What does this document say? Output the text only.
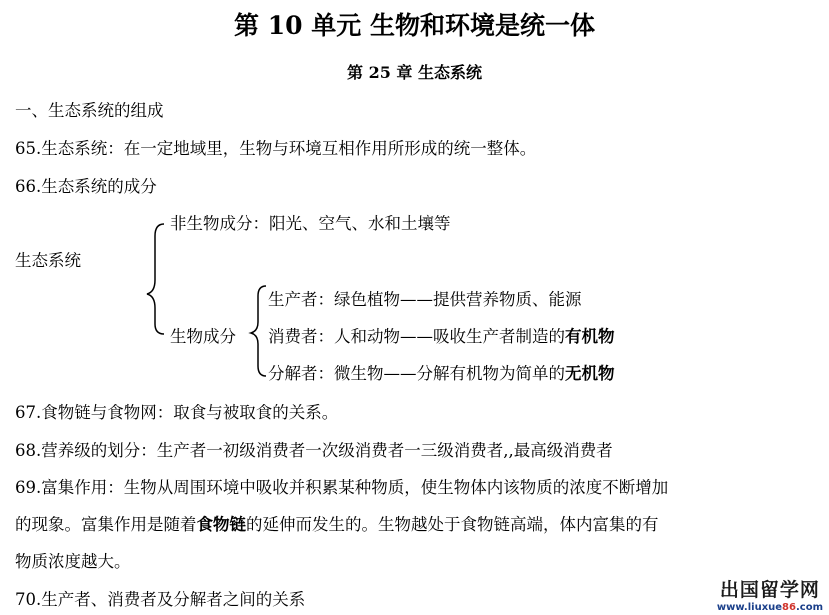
第 10 单元 生物和环境是统一体
第 25 章 生态系统
一、生态系统的组成
65.生态系统：在一定地域里，生物与环境互相作用所形成的统一整体。
66.生态系统的成分
生态系统
非生物成分：阳光、空气、水和土壤等
生物成分
生产者：绿色植物——提供营养物质、能源
消费者：人和动物——吸收生产者制造的有机物
分解者：微生物——分解有机物为简单的无机物
67.食物链与食物网：取食与被取食的关系。
68.营养级的划分：生产者一初级消费者一次级消费者一三级消费者,,最高级消费者
69.富集作用：生物从周围环境中吸收并积累某种物质，使生物体内该物质的浓度不断增加
的现象。富集作用是随着食物链的延伸而发生的。生物越处于食物链高端，体内富集的有
物质浓度越大。
70.生产者、消费者及分解者之间的关系	出国留学网
www.liuxue86.com
